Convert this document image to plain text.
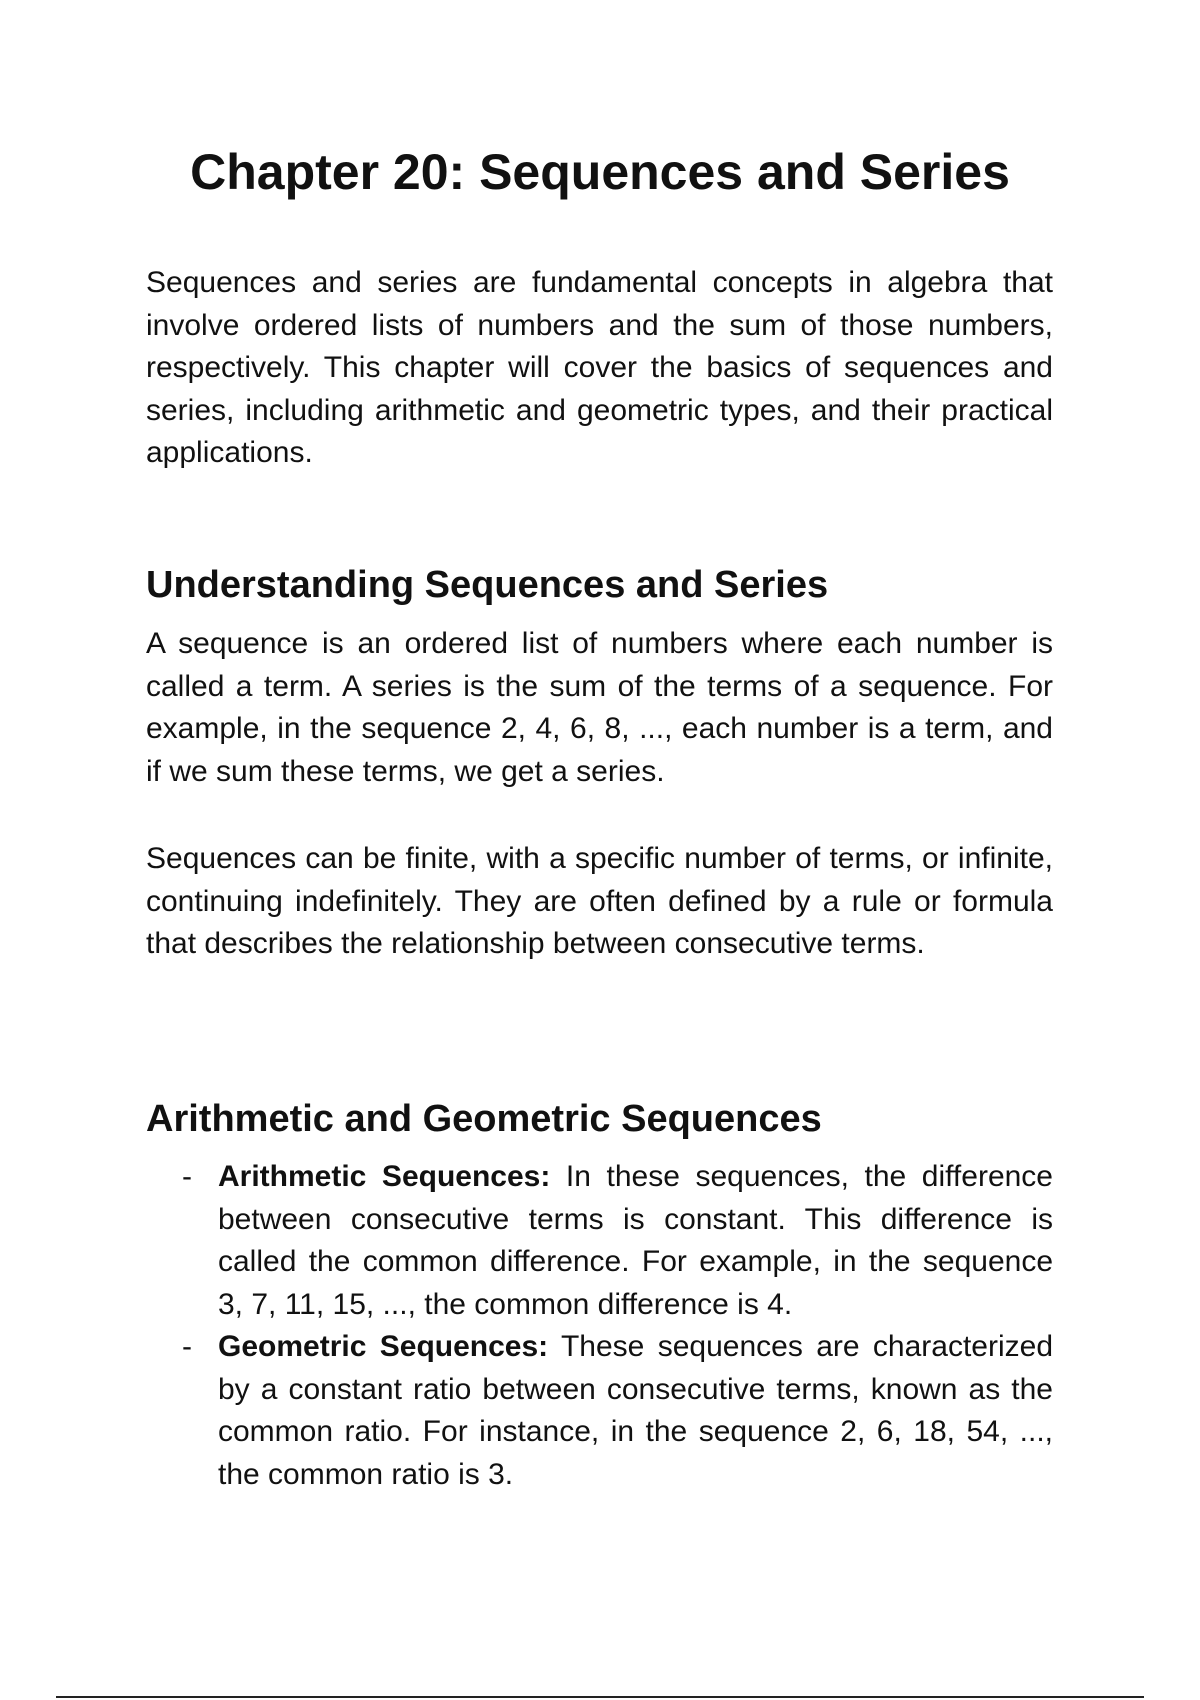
Chapter 20: Sequences and Series

Sequences and series are fundamental concepts in algebra that involve ordered lists of numbers and the sum of those numbers, respectively. This chapter will cover the basics of sequences and series, including arithmetic and geometric types, and their practical applications.

Understanding Sequences and Series

A sequence is an ordered list of numbers where each number is called a term. A series is the sum of the terms of a sequence. For example, in the sequence 2, 4, 6, 8, ..., each number is a term, and if we sum these terms, we get a series.

Sequences can be finite, with a specific number of terms, or infinite, continuing indefinitely. They are often defined by a rule or formula that describes the relationship between consecutive terms.

Arithmetic and Geometric Sequences
- Arithmetic Sequences: In these sequences, the difference between consecutive terms is constant. This difference is called the common difference. For example, in the sequence 3, 7, 11, 15, ..., the common difference is 4.
- Geometric Sequences: These sequences are characterized by a constant ratio between consecutive terms, known as the common ratio. For instance, in the sequence 2, 6, 18, 54, ..., the common ratio is 3.
